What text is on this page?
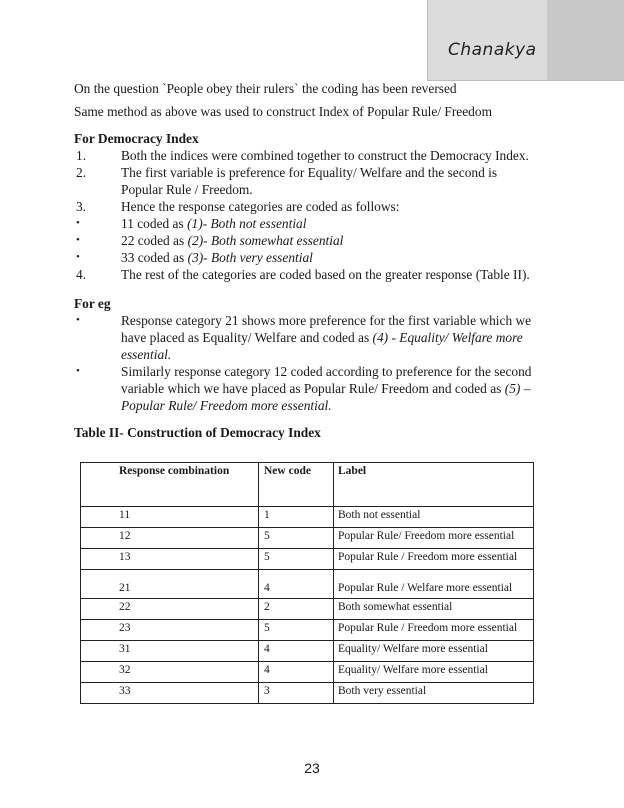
Chanakya

On the question `People obey their rulers` the coding has been reversed

Same method as above was used to construct Index of Popular Rule/ Freedom

For Democracy Index

1.	Both the indices were combined together to construct the Democracy Index.
2.	The first variable is preference for Equality/ Welfare and the second is Popular Rule / Freedom.
3.	Hence the response categories are coded as follows:
•	11 coded as (1)- Both not essential
•	22 coded as (2)- Both somewhat essential
•	33 coded as (3)- Both very essential
4.	The rest of the categories are coded based on the greater response (Table II).

For eg

•	Response category 21 shows more preference for the first variable which we have placed as Equality/ Welfare and coded as (4) - Equality/ Welfare more essential.
•	Similarly response category 12 coded according to preference for the second variable which we have placed as Popular Rule/ Freedom and coded as (5) – Popular Rule/ Freedom more essential.

Table II- Construction of Democracy Index

Response combination	New code	Label
11	1	Both not essential
12	5	Popular Rule/ Freedom more essential
13	5	Popular Rule / Freedom more essential
21	4	Popular Rule / Welfare more essential
22	2	Both somewhat essential
23	5	Popular Rule / Freedom more essential
31	4	Equality/ Welfare more essential
32	4	Equality/ Welfare more essential
33	3	Both very essential
23
